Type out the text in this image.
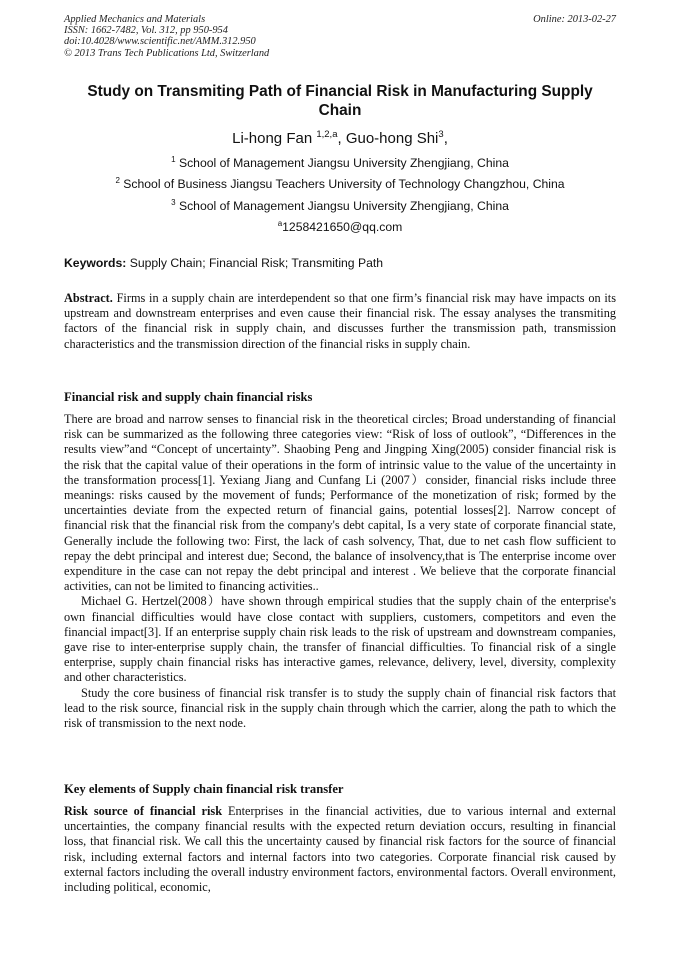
Applied Mechanics and Materials
ISSN: 1662-7482, Vol. 312, pp 950-954
doi:10.4028/www.scientific.net/AMM.312.950
© 2013 Trans Tech Publications Ltd, Switzerland
Online: 2013-02-27
Study on Transmiting Path of Financial Risk in Manufacturing Supply Chain
Li-hong Fan $^{1,2,a}$, Guo-hong Shi$^3$,
$^1$ School of Management Jiangsu University Zhengjiang, China
$^2$ School of Business Jiangsu Teachers University of Technology Changzhou, China
$^3$ School of Management Jiangsu University Zhengjiang, China
$^a$1258421650@qq.com
Keywords: Supply Chain; Financial Risk; Transmiting Path

Abstract. Firms in a supply chain are interdependent so that one firm’s financial risk may have impacts on its upstream and downstream enterprises and even cause their financial risk. The essay analyses the transmiting factors of the financial risk in supply chain, and discusses further the transmission path, transmission characteristics and the transmission direction of the financial risks in supply chain.

Financial risk and supply chain financial risks

There are broad and narrow senses to financial risk in the theoretical circles; Broad understanding of financial risk can be summarized as the following three categories view: “Risk of loss of outlook”, “Differences in the results view”and “Concept of uncertainty”. Shaobing Peng and Jingping Xing(2005) consider financial risk is the risk that the capital value of their operations in the form of intrinsic value to the value of the uncertainty in the transformation process[1]. Yexiang Jiang and Cunfang Li (2007）consider, financial risks include three meanings: risks caused by the movement of funds; Performance of the monetization of risk; formed by the uncertainties deviate from the expected return of financial gains, potential losses[2]. Narrow concept of financial risk that the financial risk from the company's debt capital, Is a very state of corporate financial state, Generally include the following two: First, the lack of cash solvency, That, due to net cash flow sufficient to repay the debt principal and interest due; Second, the balance of insolvency,that is The enterprise income over expenditure in the case can not repay the debt principal and interest . We believe that the corporate financial activities, can not be limited to financing activities..

Michael G. Hertzel(2008）have shown through empirical studies that the supply chain of the enterprise's own financial difficulties would have close contact with suppliers, customers, competitors and even the financial impact[3]. If an enterprise supply chain risk leads to the risk of upstream and downstream companies, gave rise to inter-enterprise supply chain, the transfer of financial difficulties. To financial risk of a single enterprise, supply chain financial risks has interactive games, relevance, delivery, level, diversity, complexity and other characteristics.

Study the core business of financial risk transfer is to study the supply chain of financial risk factors that lead to the risk source, financial risk in the supply chain through which the carrier, along the path to which the risk of transmission to the next node.

Key elements of Supply chain financial risk transfer

Risk source of financial risk Enterprises in the financial activities, due to various internal and external uncertainties, the company financial results with the expected return deviation occurs, resulting in financial loss, that financial risk. We call this the uncertainty caused by financial risk factors for the source of financial risk, including external factors and internal factors into two categories. Corporate financial risk caused by external factors including the overall industry environment factors, environmental factors. Overall environment, including political, economic,
